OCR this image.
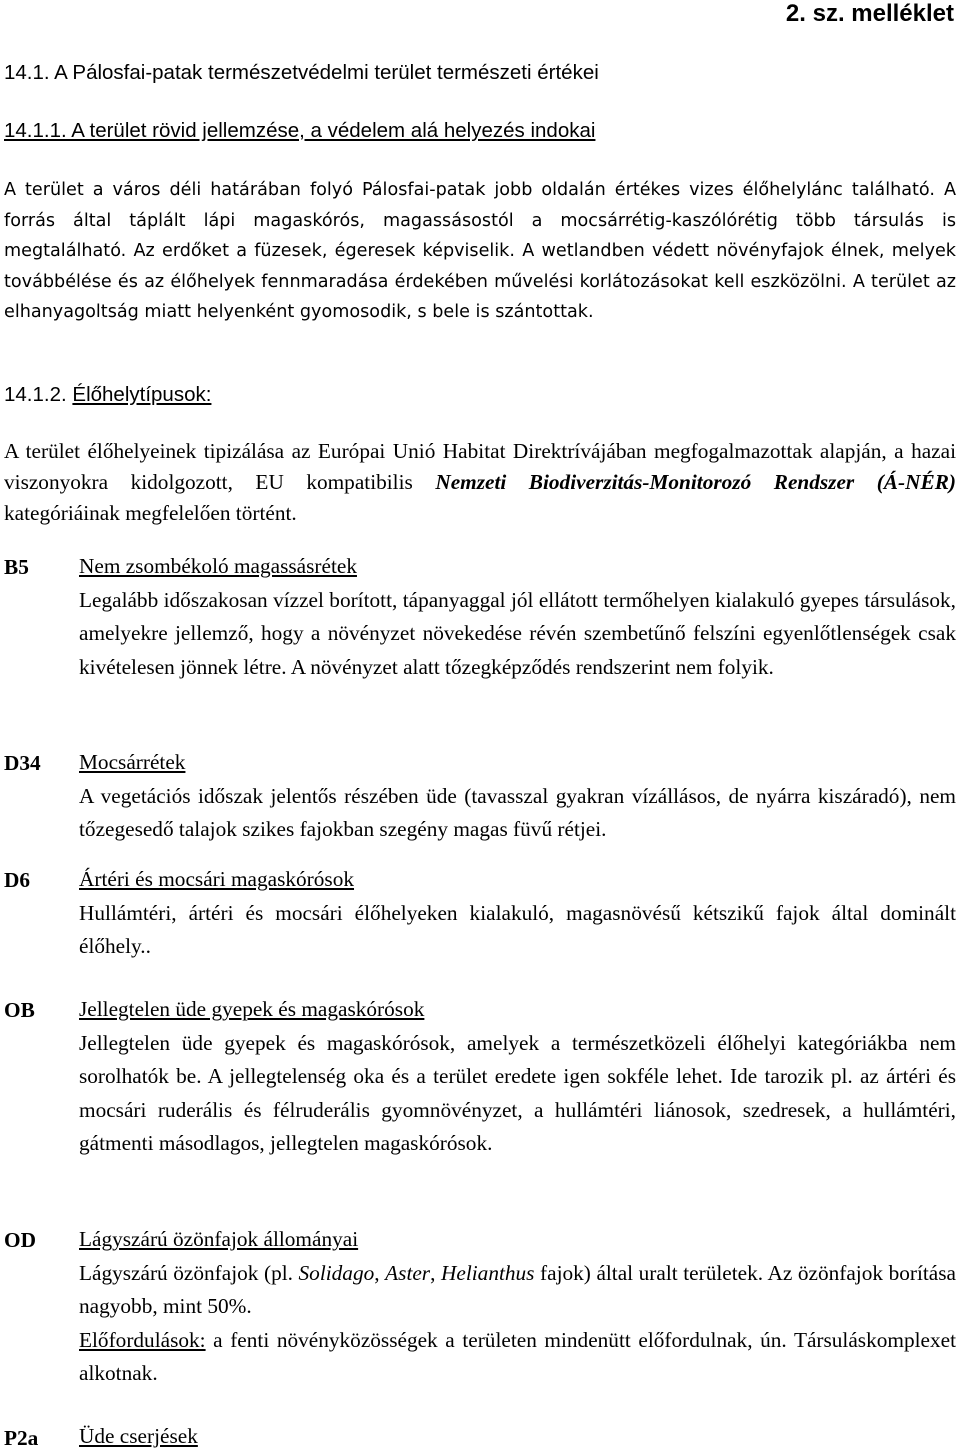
2. sz. melléklet
14.1. A Pálosfai-patak természetvédelmi terület természeti értékei
14.1.1. A terület rövid jellemzése, a védelem alá helyezés indokai
A terület a város déli határában folyó Pálosfai-patak jobb oldalán értékes vizes élőhelylánc található. A forrás által táplált lápi magaskórós, magassásostól a mocsárrétig-kaszólórétig több társulás is megtalálható. Az erdőket a füzesek, égeresek képviselik. A wetlandben védett növényfajok élnek, melyek továbbélése és az élőhelyek fennmaradása érdekében művelési korlátozásokat kell eszközölni. A terület az elhanyagoltság miatt helyenként gyomosodik, s bele is szántottak.
14.1.2. Élőhelytípusok:
A terület élőhelyeinek tipizálása az Európai Unió Habitat Direktrívájában megfogalmazottak alapján, a hazai viszonyokra kidolgozott, EU kompatibilis Nemzeti Biodiverzitás-Monitorozó Rendszer (Á-NÉR) kategóriáinak megfelelően történt.
B5	Nem zsombékoló magassásrétek
Legalább időszakosan vízzel borított, tápanyaggal jól ellátott termőhelyen kialakuló gyepes társulások, amelyekre jellemző, hogy a növényzet növekedése révén szembetűnő felszíni egyenlőtlenségek csak kivételesen jönnek létre. A növényzet alatt tőzegképződés rendszerint nem folyik.
D34	Mocsárrétek
A vegetációs időszak jelentős részében üde (tavasszal gyakran vízállásos, de nyárra kiszáradó), nem tőzegesedő talajok szikes fajokban szegény magas füvű rétjei.
D6	Ártéri és mocsári magaskórósok
Hullámtéri, ártéri és mocsári élőhelyeken kialakuló, magasnövésű kétszikű fajok által dominált élőhely..
OB	Jellegtelen üde gyepek és magaskórósok
Jellegtelen üde gyepek és magaskórósok, amelyek a természetközeli élőhelyi kategóriákba nem sorolhatók be. A jellegtelenség oka és a terület eredete igen sokféle lehet. Ide tarozik pl. az ártéri és mocsári ruderális és félruderális gyomnövényzet, a hullámtéri liánosok, szedresek, a hullámtéri, gátmenti másodlagos, jellegtelen magaskórósok.
OD	Lágyszárú özönfajok állományai
Lágyszárú özönfajok (pl. Solidago, Aster, Helianthus fajok) által uralt területek. Az özönfajok borítása nagyobb, mint 50%.
Előfordulások: a fenti növényközösségek a területen mindenütt előfordulnak, ún. Társuláskomplexet alkotnak.
P2a	Üde cserjések
